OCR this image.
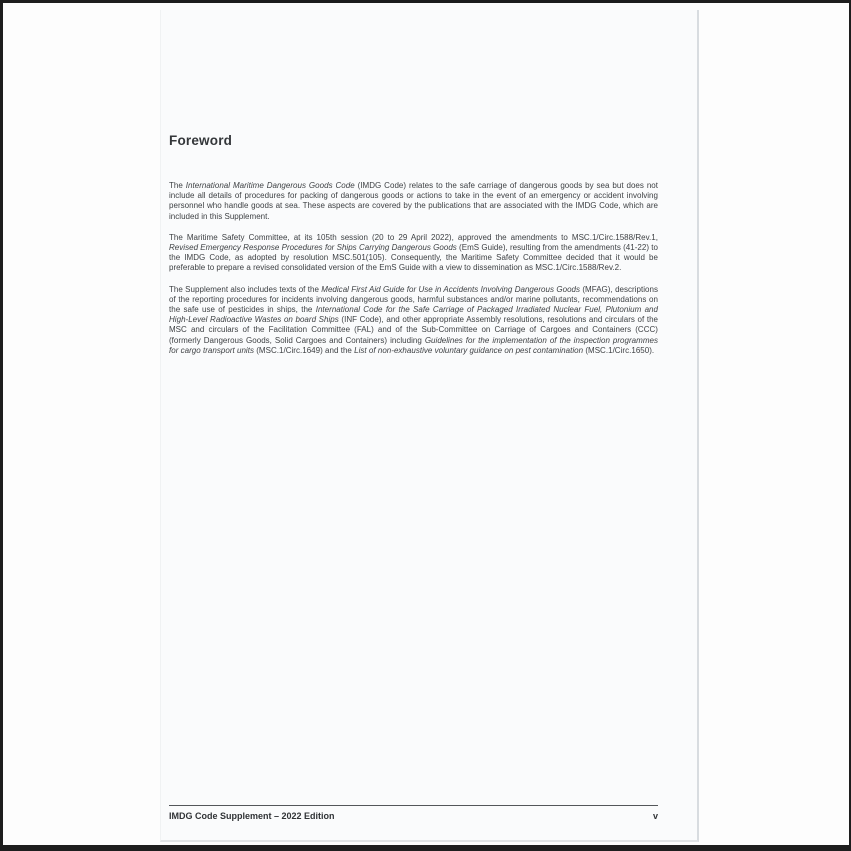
Foreword

The International Maritime Dangerous Goods Code (IMDG Code) relates to the safe carriage of dangerous goods by sea but does not include all details of procedures for packing of dangerous goods or actions to take in the event of an emergency or accident involving personnel who handle goods at sea. These aspects are covered by the publications that are associated with the IMDG Code, which are included in this Supplement.

The Maritime Safety Committee, at its 105th session (20 to 29 April 2022), approved the amendments to MSC.1/Circ.1588/Rev.1, Revised Emergency Response Procedures for Ships Carrying Dangerous Goods (EmS Guide), resulting from the amendments (41-22) to the IMDG Code, as adopted by resolution MSC.501(105). Consequently, the Maritime Safety Committee decided that it would be preferable to prepare a revised consolidated version of the EmS Guide with a view to dissemination as MSC.1/Circ.1588/Rev.2.

The Supplement also includes texts of the Medical First Aid Guide for Use in Accidents Involving Dangerous Goods (MFAG), descriptions of the reporting procedures for incidents involving dangerous goods, harmful substances and/or marine pollutants, recommendations on the safe use of pesticides in ships, the International Code for the Safe Carriage of Packaged Irradiated Nuclear Fuel, Plutonium and High-Level Radioactive Wastes on board Ships (INF Code), and other appropriate Assembly resolutions, resolutions and circulars of the MSC and circulars of the Facilitation Committee (FAL) and of the Sub-Committee on Carriage of Cargoes and Containers (CCC) (formerly Dangerous Goods, Solid Cargoes and Containers) including Guidelines for the implementation of the inspection programmes for cargo transport units (MSC.1/Circ.1649) and the List of non-exhaustive voluntary guidance on pest contamination (MSC.1/Circ.1650).

IMDG Code Supplement – 2022 Edition	v
